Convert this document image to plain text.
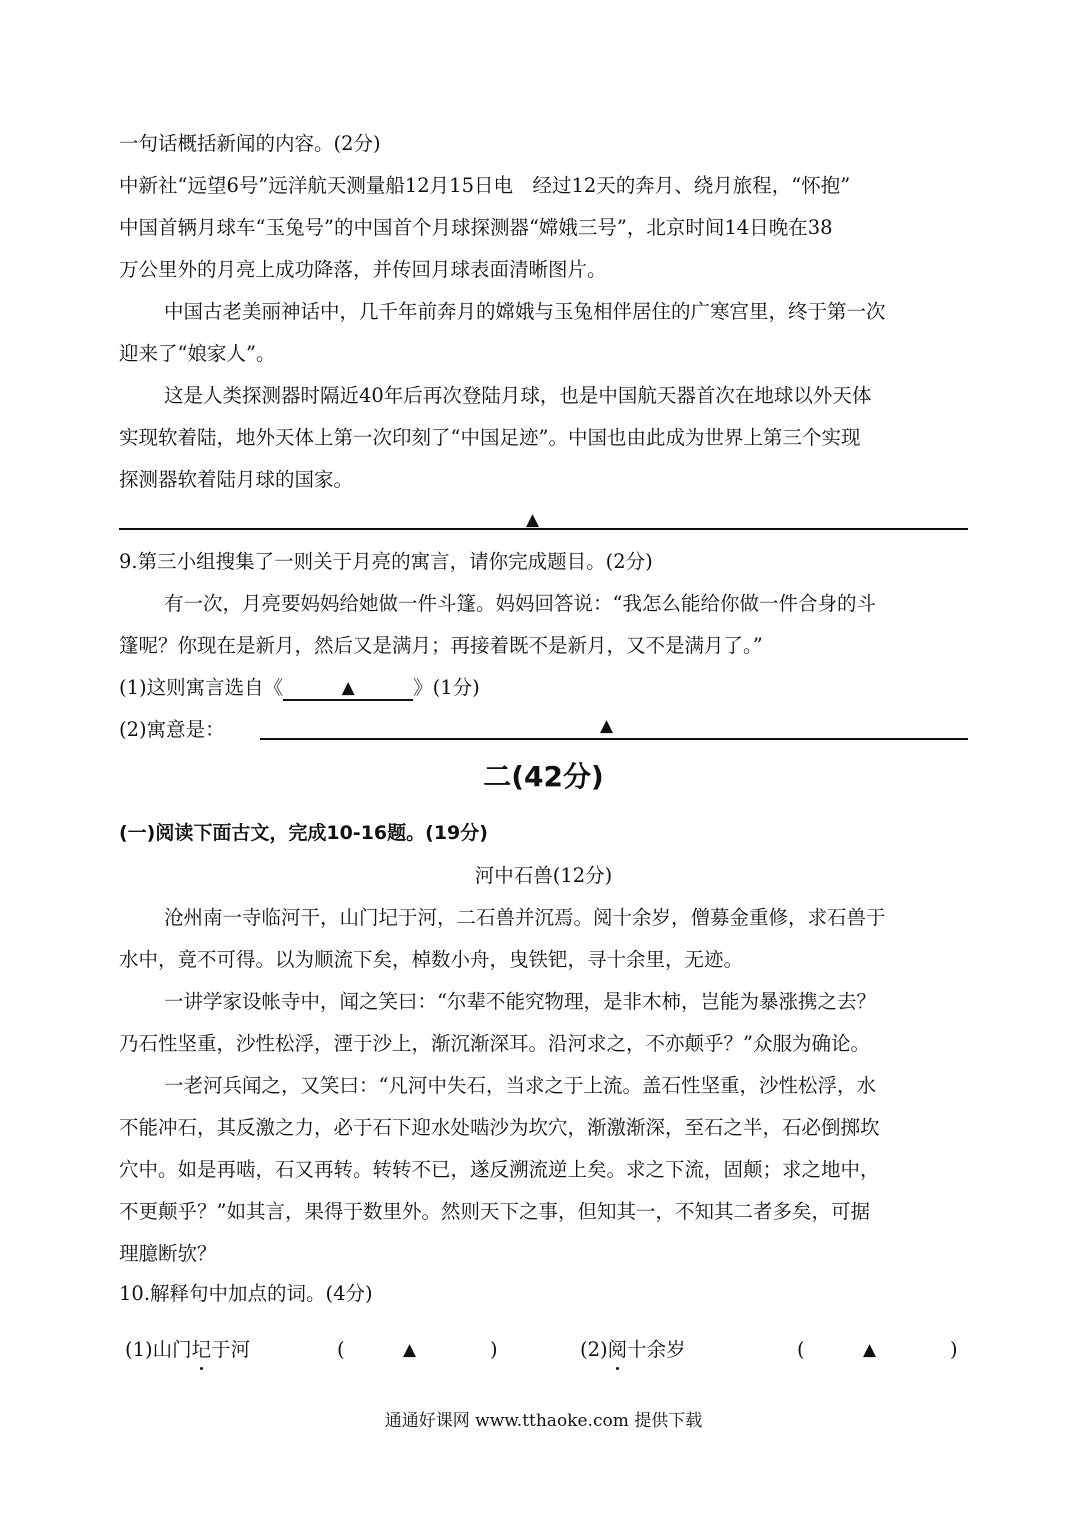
一句话概括新闻的内容。(2分)
中新社“远望6号”远洋航天测量船12月15日电　经过12天的奔月、绕月旅程，“怀抱”
中国首辆月球车“玉兔号”的中国首个月球探测器“嫦娥三号”，北京时间14日晚在38
万公里外的月亮上成功降落，并传回月球表面清晰图片。
中国古老美丽神话中，几千年前奔月的嫦娥与玉兔相伴居住的广寒宫里，终于第一次
迎来了“娘家人”。
这是人类探测器时隔近40年后再次登陆月球，也是中国航天器首次在地球以外天体
实现软着陆，地外天体上第一次印刻了“中国足迹”。中国也由此成为世界上第三个实现
探测器软着陆月球的国家。
▲
9.第三小组搜集了一则关于月亮的寓言，请你完成题目。(2分)
有一次，月亮要妈妈给她做一件斗篷。妈妈回答说：“我怎么能给你做一件合身的斗
篷呢？你现在是新月，然后又是满月；再接着既不是新月，又不是满月了。”
(1)这则寓言选自《	▲	》(1分)
(2)寓意是：	▲
二(42分)
(一)阅读下面古文，完成10-16题。(19分)
河中石兽(12分)
沧州南一寺临河干，山门圮于河，二石兽并沉焉。阅十余岁，僧募金重修，求石兽于
水中，竟不可得。以为顺流下矣，棹数小舟，曳铁钯，寻十余里，无迹。
一讲学家设帐寺中，闻之笑曰：“尔辈不能究物理，是非木柿，岂能为暴涨携之去？
乃石性坚重，沙性松浮，湮于沙上，渐沉渐深耳。沿河求之，不亦颠乎？”众服为确论。
一老河兵闻之，又笑曰：“凡河中失石，当求之于上流。盖石性坚重，沙性松浮，水
不能冲石，其反激之力，必于石下迎水处啮沙为坎穴，渐激渐深，至石之半，石必倒掷坎
穴中。如是再啮，石又再转。转转不已，遂反溯流逆上矣。求之下流，固颠；求之地中，
不更颠乎？”如其言，果得于数里外。然则天下之事，但知其一，不知其二者多矣，可据
理臆断欤？
10.解释句中加点的词。(4分)
(1)山门圮于河	(	▲	)	(2)阅十余岁	(	▲	)
通通好课网 www.tthaoke.com 提供下载
